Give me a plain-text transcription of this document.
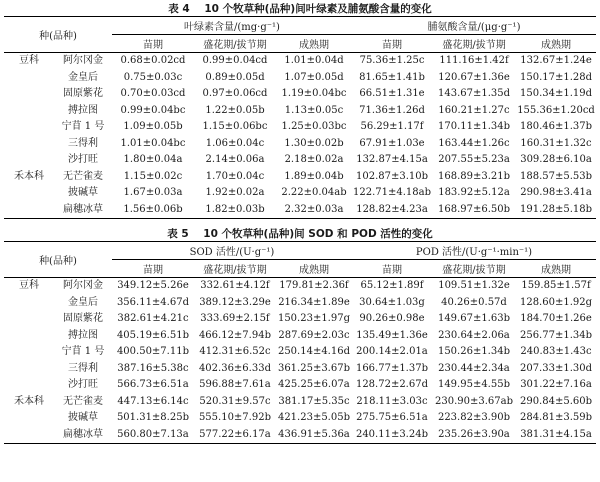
表 4 10 个牧草种(品种)间叶绿素及脯氨酸含量的变化
种(品种)		叶绿素含量/(mg·g⁻¹)			脯氨酸含量/(μg·g⁻¹)		
		苗期	盛花期/拔节期	成熟期	苗期	盛花期/拔节期	成熟期
豆科	阿尔冈金	0.68±0.02cd	0.99±0.04cd	1.01±0.04d	75.36±1.25c	111.16±1.42f	132.67±1.24e
	金皇后	0.75±0.03c	0.89±0.05d	1.07±0.05d	81.65±1.41b	120.67±1.36e	150.17±1.28d
	固原紫花	0.70±0.03cd	0.97±0.06cd	1.19±0.04bc	66.51±1.31e	143.67±1.35d	150.34±1.19d
	搏拉图	0.99±0.04bc	1.22±0.05b	1.13±0.05c	71.36±1.26d	160.21±1.27c	155.36±1.20cd
	宁苜 1 号	1.09±0.05b	1.15±0.06bc	1.25±0.03bc	56.29±1.17f	170.11±1.34b	180.46±1.37b
	三得利	1.01±0.04bc	1.06±0.04c	1.30±0.02b	67.91±1.03e	163.44±1.26c	160.31±1.32c
	沙打旺	1.80±0.04a	2.14±0.06a	2.18±0.02a	132.87±4.15a	207.55±5.23a	309.28±6.10a
禾本科	无芒雀麦	1.15±0.02c	1.70±0.04c	1.89±0.04b	102.87±3.10b	168.89±3.21b	188.57±5.53b
	披碱草	1.67±0.03a	1.92±0.02a	2.22±0.04ab	122.71±4.18ab	183.92±5.12a	290.98±3.41a
	扁穗冰草	1.56±0.06b	1.82±0.03b	2.32±0.03a	128.82±4.23a	168.97±6.50b	191.28±5.18b
表 5 10 个牧草种(品种)间 SOD 和 POD 活性的变化
种(品种)		SOD 活性/(U·g⁻¹)			POD 活性/(U·g⁻¹·min⁻¹)		
		苗期	盛花期/拔节期	成熟期	苗期	盛花期/拔节期	成熟期
豆科	阿尔冈金	349.12±5.26e	332.61±4.12f	179.81±2.36f	65.12±1.89f	109.51±1.32e	159.85±1.57f
	金皇后	356.11±4.67d	389.12±3.29e	216.34±1.89e	30.64±1.03g	40.26±0.57d	128.60±1.92g
	固原紫花	382.61±4.21c	333.69±2.15f	150.23±1.97g	90.26±0.98e	149.67±1.63b	184.70±1.26e
	搏拉图	405.19±6.51b	466.12±7.94b	287.69±2.03c	135.49±1.36e	230.64±2.06a	256.77±1.34b
	宁苜 1 号	400.50±7.11b	412.31±6.52c	250.14±4.16d	200.14±2.01a	150.26±1.34b	240.83±1.43c
	三得利	387.16±5.38c	402.36±6.33d	361.25±3.67b	166.77±1.37b	230.44±2.34a	207.33±1.30d
	沙打旺	566.73±6.51a	596.88±7.61a	425.25±6.07a	128.72±2.67d	149.95±4.55b	301.22±7.16a
禾本科	无芒雀麦	447.13±6.14c	520.31±9.57c	381.17±5.35c	218.11±3.03c	230.90±3.67ab	290.84±5.60b
	披碱草	501.31±8.25b	555.10±7.92b	421.23±5.05b	275.75±6.51a	223.82±3.90b	284.81±3.59b
	扁穗冰草	560.80±7.13a	577.22±6.17a	436.91±5.36a	240.11±3.24b	235.26±3.90a	381.31±4.15a
